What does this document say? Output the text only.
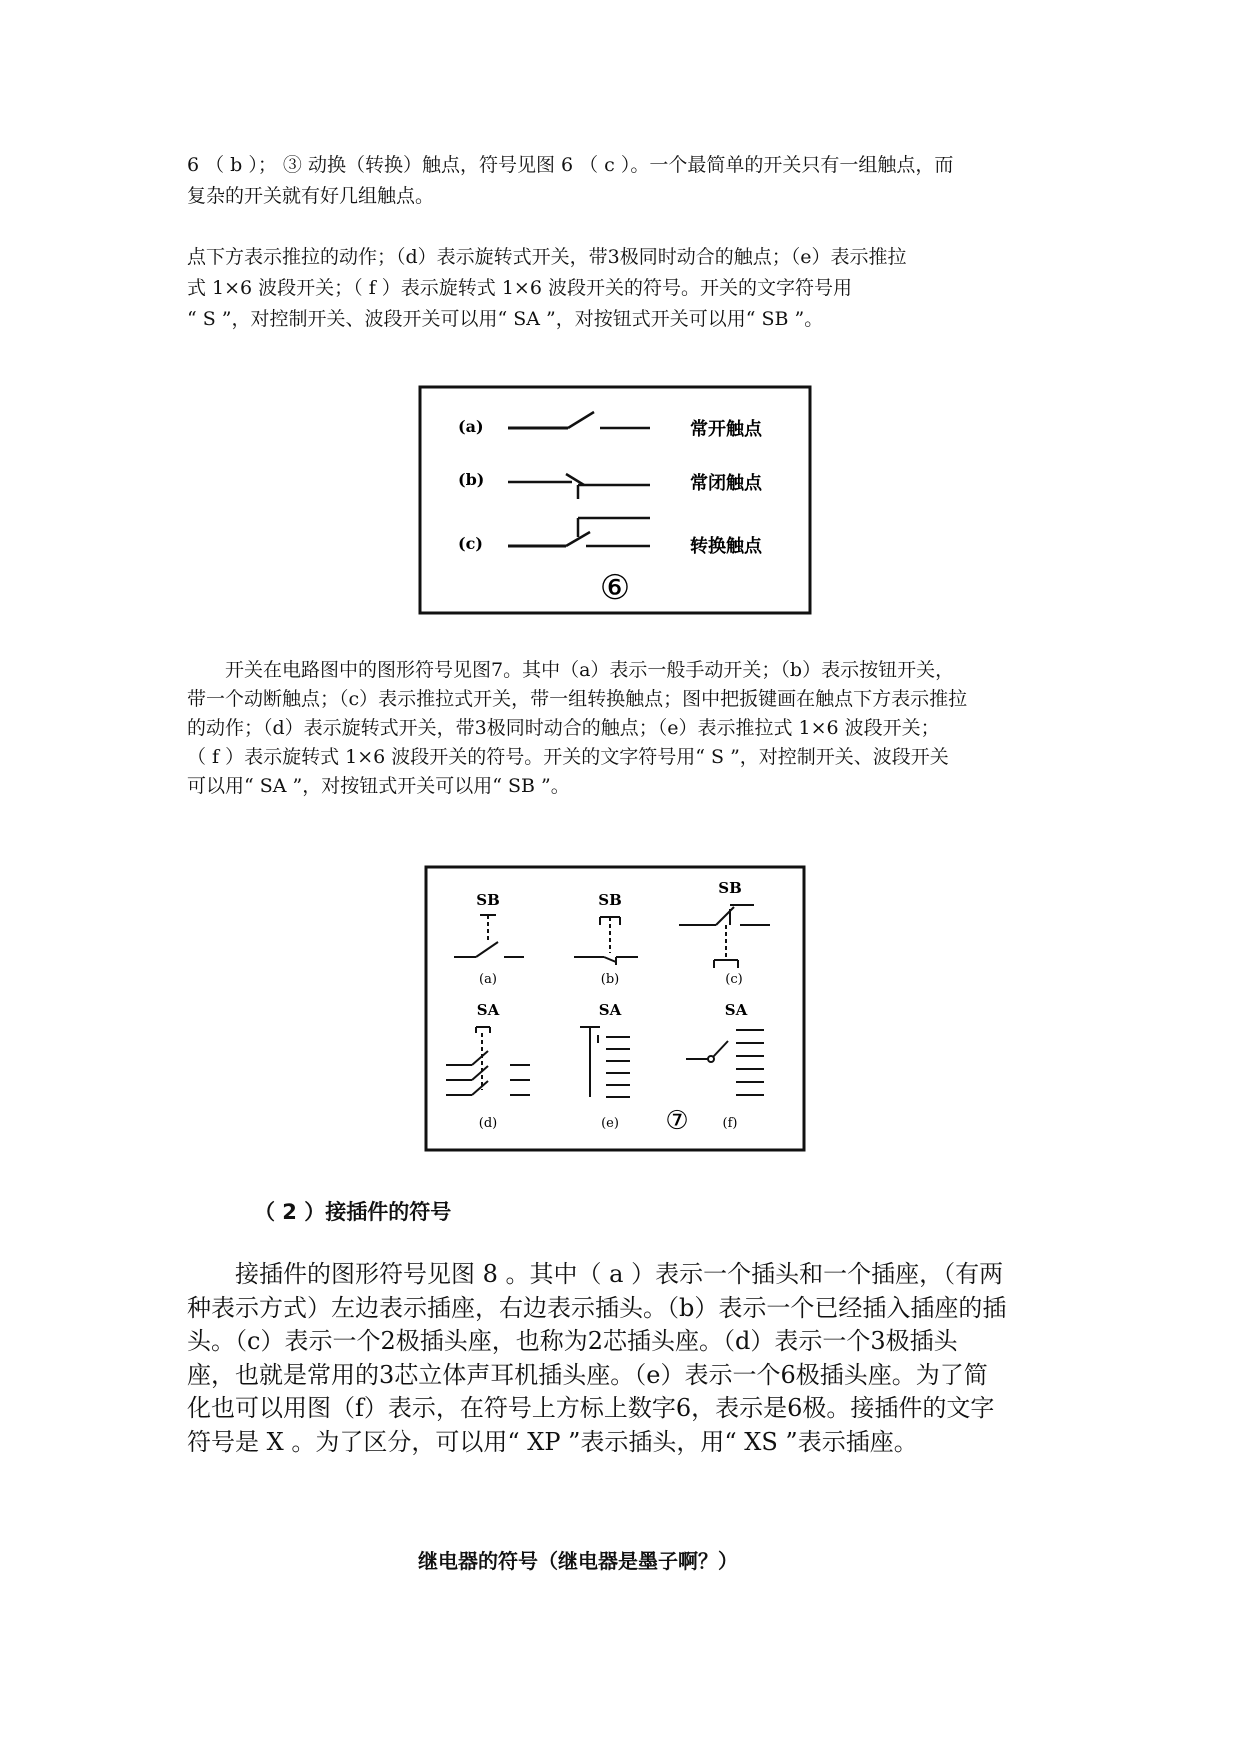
6 （ b ）； ③ 动换（转换）触点，符号见图 6 （ c ）。一个最简单的开关只有一组触点，而
复杂的开关就有好几组触点。
点下方表示推拉的动作；（d）表示旋转式开关，带3极同时动合的触点；（e）表示推拉
式 1×6 波段开关；（ f ）表示旋转式 1×6 波段开关的符号。开关的文字符号用
“ S ”，对控制开关、波段开关可以用“ SA ”，对按钮式开关可以用“ SB ”。
(a)	常开触点
(b)	常闭触点
(c)	转换触点
⑥
　　开关在电路图中的图形符号见图7。其中（a）表示一般手动开关；（b）表示按钮开关，
带一个动断触点；（c）表示推拉式开关，带一组转换触点；图中把扳键画在触点下方表示推拉
的动作；（d）表示旋转式开关，带3极同时动合的触点；（e）表示推拉式 1×6 波段开关；
（ f ）表示旋转式 1×6 波段开关的符号。开关的文字符号用“ S ”，对控制开关、波段开关
可以用“ SA ”，对按钮式开关可以用“ SB ”。
SB	SB
SB
(a)	(b)	(c)
SA	SA	SA
(d)	(e)	(f)
⑦
（ 2 ）接插件的符号
　　接插件的图形符号见图 8 。其中（ a ）表示一个插头和一个插座，（有两
种表示方式）左边表示插座，右边表示插头。（b）表示一个已经插入插座的插
头。（c）表示一个2极插头座，也称为2芯插头座。（d）表示一个3极插头
座，也就是常用的3芯立体声耳机插头座。（e）表示一个6极插头座。为了简
化也可以用图（f）表示，在符号上方标上数字6，表示是6极。接插件的文字
符号是 X 。为了区分，可以用“ XP ”表示插头，用“ XS ”表示插座。
继电器的符号（继电器是墨子啊？）
